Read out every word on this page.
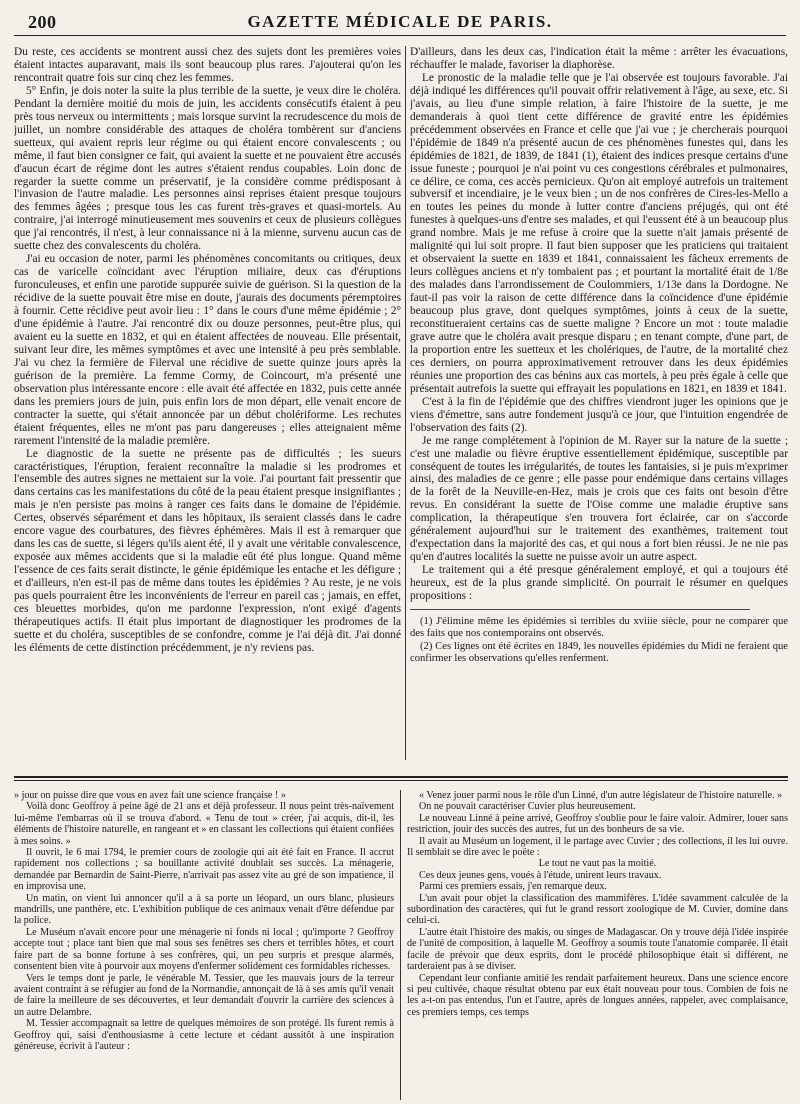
200	GAZETTE MÉDICALE DE PARIS.

Du reste, ces accidents se montrent aussi chez des sujets dont les premières voies étaient intactes auparavant, mais ils sont beaucoup plus rares. J'ajouterai qu'on les rencontrait quatre fois sur cinq chez les femmes.

5° Enfin, je dois noter la suite la plus terrible de la suette, je veux dire le choléra. Pendant la dernière moitié du mois de juin, les accidents consécutifs étaient à peu près tous nerveux ou intermittents ; mais lorsque survint la recrudescence du mois de juillet, un nombre considérable des attaques de choléra tombèrent sur d'anciens suetteux, qui avaient repris leur régime ou qui étaient encore convalescents ; ou même, il faut bien consigner ce fait, qui avaient la suette et ne pouvaient être accusés d'aucun écart de régime dont les autres s'étaient rendus coupables. Loin donc de regarder la suette comme un préservatif, je la considère comme prédisposant à l'invasion de l'autre maladie. Les personnes ainsi reprises étaient presque toujours des femmes âgées ; presque tous les cas furent très-graves et quasi-mortels. Au contraire, j'ai interrogé minutieusement mes souvenirs et ceux de plusieurs collègues que j'ai rencontrés, il n'est, à leur connaissance ni à la mienne, survenu aucun cas de suette chez des convalescents du choléra.

J'ai eu occasion de noter, parmi les phénomènes concomitants ou critiques, deux cas de varicelle coïncidant avec l'éruption miliaire, deux cas d'éruptions furonculeuses, et enfin une parotide suppurée suivie de guérison. Si la question de la récidive de la suette pouvait être mise en doute, j'aurais des documents péremptoires à fournir. Cette récidive peut avoir lieu : 1° dans le cours d'une même épidémie ; 2° d'une épidémie à l'autre. J'ai rencontré dix ou douze personnes, peut-être plus, qui avaient eu la suette en 1832, et qui en étaient affectées de nouveau. Elle présentait, suivant leur dire, les mêmes symptômes et avec une intensité à peu près semblable. J'ai vu chez la fermière de Filerval une récidive de suette quinze jours après la guérison de la première. La femme Cormy, de Coincourt, m'a présenté une observation plus intéressante encore : elle avait été affectée en 1832, puis cette année dans les premiers jours de juin, puis enfin lors de mon départ, elle venait encore de contracter la suette, qui s'était annoncée par un début cholériforme. Les rechutes étaient fréquentes, elles ne m'ont pas paru dangereuses ; elles atteignaient même rarement l'intensité de la maladie première.

Le diagnostic de la suette ne présente pas de difficultés ; les sueurs caractéristiques, l'éruption, feraient reconnaître la maladie si les prodromes et l'ensemble des autres signes ne mettaient sur la voie. J'ai pourtant fait pressentir que dans certains cas les manifestations du côté de la peau étaient presque insignifiantes ; mais je n'en persiste pas moins à ranger ces faits dans le domaine de l'épidémie. Certes, observés séparément et dans les hôpitaux, ils seraient classés dans le cadre encore vague des courbatures, des fièvres éphémères. Mais il est à remarquer que dans les cas de suette, si légers qu'ils aient été, il y avait une véritable convalescence, exposée aux mêmes accidents que si la maladie eût été plus longue. Quand même l'essence de ces faits serait distincte, le génie épidémique les entache et les défigure ; et d'ailleurs, n'en est-il pas de même dans toutes les épidémies ? Au reste, je ne vois pas quels pourraient être les inconvénients de l'erreur en pareil cas ; jamais, en effet, ces bleuettes morbides, qu'on me pardonne l'expression, n'ont exigé d'agents thérapeutiques actifs. Il était plus important de diagnostiquer les prodromes de la suette et du choléra, susceptibles de se confondre, comme je l'ai déjà dit. J'ai donné les éléments de cette distinction précédemment, je n'y reviens pas.

D'ailleurs, dans les deux cas, l'indication était la même : arrêter les évacuations, réchauffer le malade, favoriser la diaphorèse.

Le pronostic de la maladie telle que je l'ai observée est toujours favorable. J'ai déjà indiqué les différences qu'il pouvait offrir relativement à l'âge, au sexe, etc. Si j'avais, au lieu d'une simple relation, à faire l'histoire de la suette, je me demanderais à quoi tient cette différence de gravité entre les épidémies précédemment observées en France et celle que j'ai vue ; je chercherais pourquoi l'épidémie de 1849 n'a présenté aucun de ces phénomènes funestes qui, dans les épidémies de 1821, de 1839, de 1841 (1), étaient des indices presque certains d'une issue funeste ; pourquoi je n'ai point vu ces congestions cérébrales et pulmonaires, ce délire, ce coma, ces accès pernicieux. Qu'on ait employé autrefois un traitement subversif et incendiaire, je le veux bien ; un de nos confrères de Cires-les-Mello a en toutes les peines du monde à lutter contre d'anciens préjugés, qui ont été funestes à quelques-uns d'entre ses malades, et qui l'eussent été à un beaucoup plus grand nombre. Mais je me refuse à croire que la suette n'ait jamais présenté de malignité qui lui soit propre. Il faut bien supposer que les praticiens qui traitaient et observaient la suette en 1839 et 1841, connaissaient les fâcheux errements de leurs collègues anciens et n'y tombaient pas ; et pourtant la mortalité était de 1/8e des malades dans l'arrondissement de Coulommiers, 1/13e dans la Dordogne. Ne faut-il pas voir la raison de cette différence dans la coïncidence d'une épidémie beaucoup plus grave, dont quelques symptômes, joints à ceux de la suette, reconstitueraient certains cas de suette maligne ? Encore un mot : toute maladie grave autre que le choléra avait presque disparu ; en tenant compte, d'une part, de la proportion entre les suetteux et les cholériques, de l'autre, de la mortalité chez ces derniers, on pourra approximativement retrouver dans les deux épidémies réunies une proportion des cas bénins aux cas mortels, à peu près égale à celle que présentait autrefois la suette qui effrayait les populations en 1821, en 1839 et 1841.

C'est à la fin de l'épidémie que des chiffres viendront juger les opinions que je viens d'émettre, sans autre fondement jusqu'à ce jour, que l'intuition engendrée de l'observation des faits (2).

Je me range complétement à l'opinion de M. Rayer sur la nature de la suette ; c'est une maladie ou fièvre éruptive essentiellement épidémique, susceptible par conséquent de toutes les irrégularités, de toutes les fantaisies, si je puis m'exprimer ainsi, des maladies de ce genre ; elle passe pour endémique dans certains villages de la forêt de la Neuville-en-Hez, mais je crois que ces faits ont besoin d'être revus. En considérant la suette de l'Oise comme une maladie éruptive sans complication, la thérapeutique s'en trouvera fort éclairée, car on s'accorde généralement aujourd'hui sur le traitement des exanthèmes, traitement tout d'expectation dans la majorité des cas, et qui nous a fort bien réussi. Je ne nie pas qu'en d'autres localités la suette ne puisse avoir un autre aspect.

Le traitement qui a été presque généralement employé, et qui a toujours été heureux, est de la plus grande simplicité. On pourrait le résumer en quelques propositions :

(1) J'élimine même les épidémies si terribles du xviiie siècle, pour ne comparer que des faits que nos contemporains ont observés.

(2) Ces lignes ont été écrites en 1849, les nouvelles épidémies du Midi ne feraient que confirmer les observations qu'elles renferment.

» jour on puisse dire que vous en avez fait une science française ! »

Voilà donc Geoffroy à peine âgé de 21 ans et déjà professeur. Il nous peint très-naïvement lui-même l'embarras où il se trouva d'abord. « Tenu de tout » créer, j'ai acquis, dit-il, les éléments de l'histoire naturelle, en rangeant et » en classant les collections qui étaient confiées à mes soins. »

Il ouvrit, le 6 mai 1794, le premier cours de zoologie qui ait été fait en France. Il accrut rapidement nos collections ; sa bouillante activité doublait ses succès. La ménagerie, demandée par Bernardin de Saint-Pierre, n'arrivait pas assez vite au gré de son impatience, il en improvisa une.

Un matin, on vient lui annoncer qu'il a à sa porte un léopard, un ours blanc, plusieurs mandrills, une panthère, etc. L'exhibition publique de ces animaux venait d'être défendue par la police.

Le Muséum n'avait encore pour une ménagerie ni fonds ni local ; qu'importe ? Geoffroy accepte tout ; place tant bien que mal sous ses fenêtres ses chers et terribles hôtes, et court faire part de sa bonne fortune à ses confrères, qui, un peu surpris et presque alarmés, consentent bien vite à pourvoir aux moyens d'enfermer solidement ces formidables richesses.

Vers le temps dont je parle, le vénérable M. Tessier, que les mauvais jours de la terreur avaient contraint à se réfugier au fond de la Normandie, annonçait de là à ses amis qu'il venait de faire la meilleure de ses découvertes, et leur demandait d'ouvrir la carrière des sciences à un autre Delambre.

M. Tessier accompagnait sa lettre de quelques mémoires de son protégé. Ils furent remis à Geoffroy qui, saisi d'enthousiasme à cette lecture et cédant aussitôt à une inspiration généreuse, écrivit à l'auteur :

« Venez jouer parmi nous le rôle d'un Linné, d'un autre législateur de l'histoire naturelle. »

On ne pouvait caractériser Cuvier plus heureusement.

Le nouveau Linné à peine arrivé, Geoffroy s'oublie pour le faire valoir. Admirer, louer sans restriction, jouir des succès des autres, fut un des bonheurs de sa vie.

Il avait au Muséum un logement, il le partage avec Cuvier ; des collections, il les lui ouvre. Il semblait se dire avec le poëte :

Le tout ne vaut pas la moitié.

Ces deux jeunes gens, voués à l'étude, unirent leurs travaux.

Parmi ces premiers essais, j'en remarque deux.

L'un avait pour objet la classification des mammifères. L'idée savamment calculée de la subordination des caractères, qui fut le grand ressort zoologique de M. Cuvier, domine dans celui-ci.

L'autre était l'histoire des makis, ou singes de Madagascar. On y trouve déjà l'idée inspirée de l'unité de composition, à laquelle M. Geoffroy a soumis toute l'anatomie comparée. Il était facile de prévoir que deux esprits, dont le procédé philosophique était si différent, ne tarderaient pas à se diviser.

Cependant leur confiante amitié les rendait parfaitement heureux. Dans une science encore si peu cultivée, chaque résultat obtenu par eux était nouveau pour tous. Combien de fois ne les a-t-on pas entendus, l'un et l'autre, après de longues années, rappeler, avec complaisance, ces premiers temps, ces temps
